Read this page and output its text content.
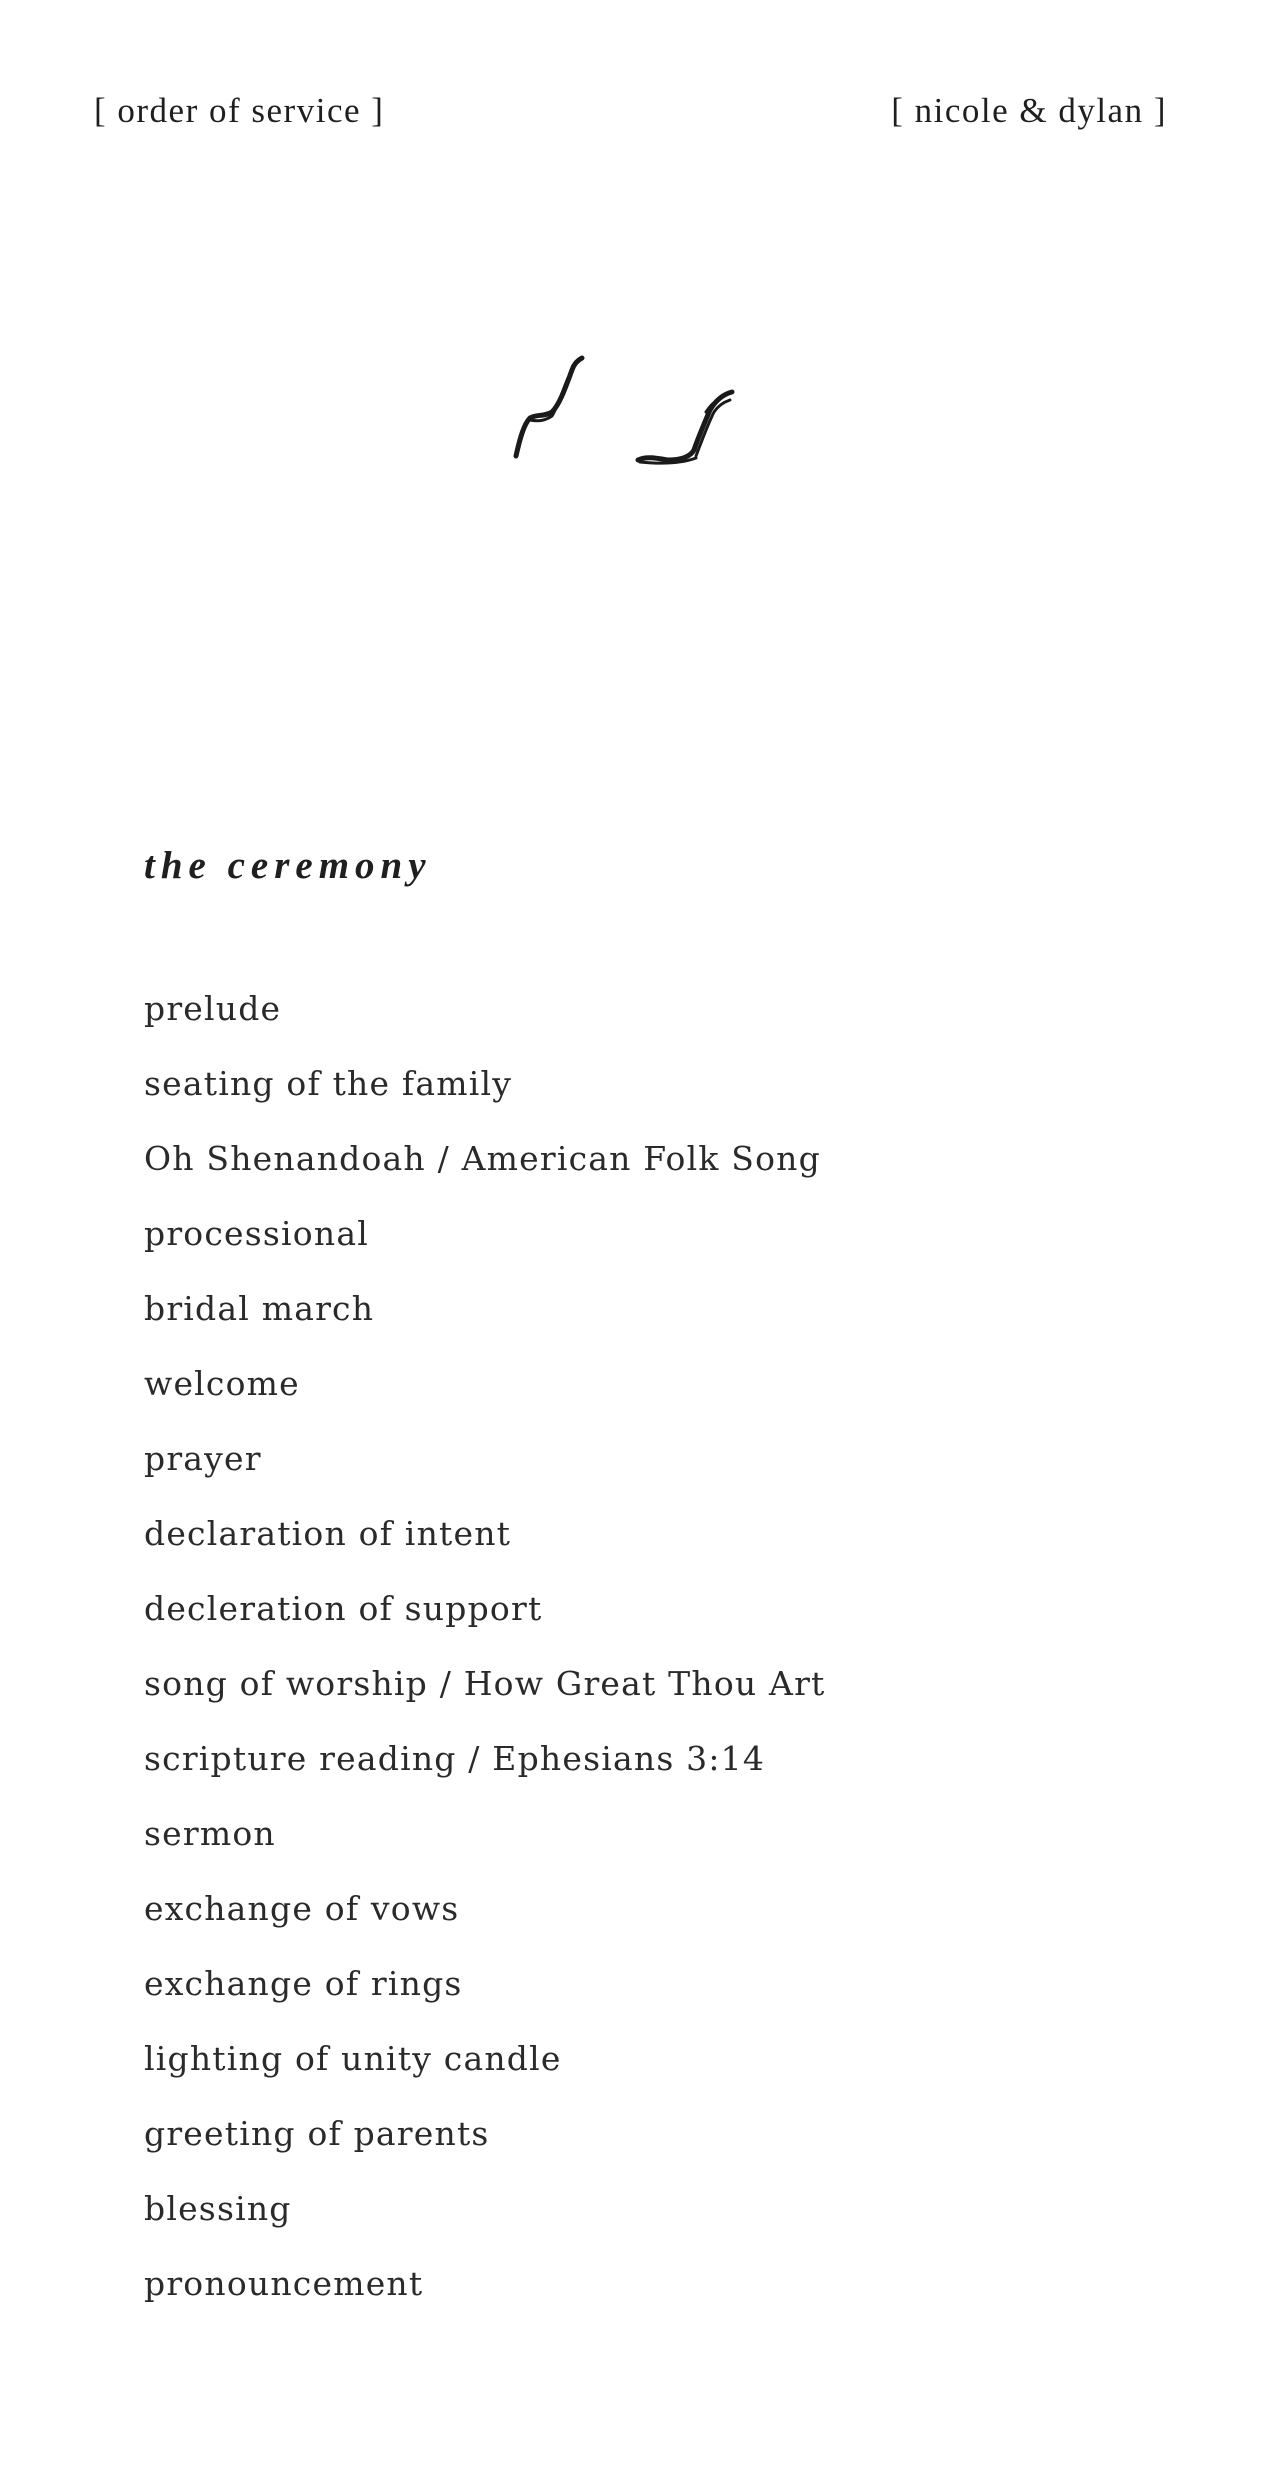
[ order of service ]	[ nicole & dylan ]
the ceremony
prelude
seating of the family
Oh Shenandoah / American Folk Song
processional
bridal march
welcome
prayer
declaration of intent
decleration of support
song of worship / How Great Thou Art
scripture reading / Ephesians 3:14
sermon
exchange of vows
exchange of rings
lighting of unity candle
greeting of parents
blessing
pronouncement
